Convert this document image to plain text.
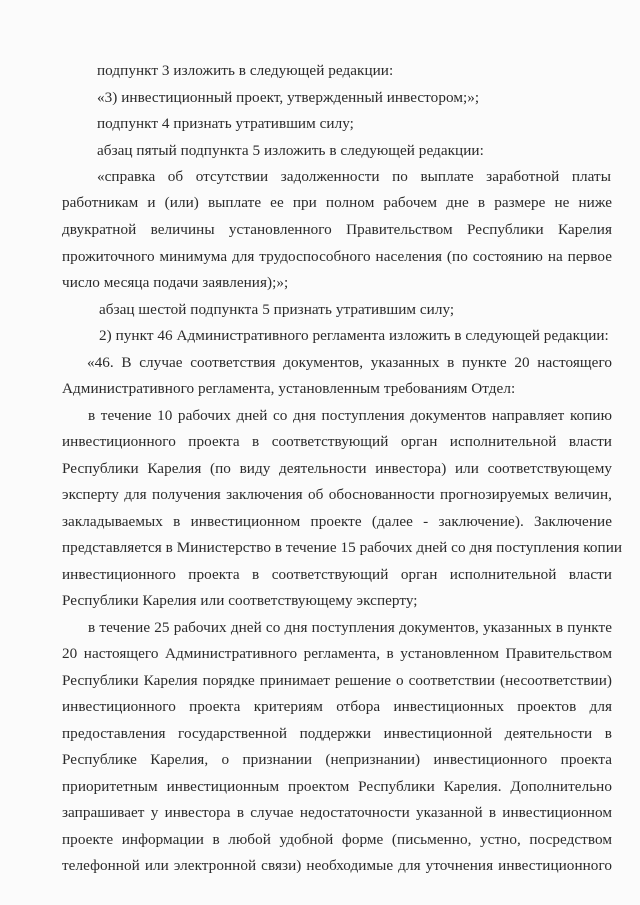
подпункт 3 изложить в следующей редакции:
«3) инвестиционный проект, утвержденный инвестором;»;
подпункт 4 признать утратившим силу;
абзац пятый подпункта 5 изложить в следующей редакции:
«справка об отсутствии задолженности по выплате заработной платы
работникам и (или) выплате ее при полном рабочем дне в размере не ниже
двукратной величины установленного Правительством Республики Карелия
прожиточного минимума для трудоспособного населения (по состоянию на первое
число месяца подачи заявления);»;
абзац шестой подпункта 5 признать утратившим силу;
2) пункт 46 Административного регламента изложить в следующей редакции:
«46. В случае соответствия документов, указанных в пункте 20 настоящего
Административного регламента, установленным требованиям Отдел:
в течение 10 рабочих дней со дня поступления документов направляет копию
инвестиционного проекта в соответствующий орган исполнительной власти
Республики Карелия (по виду деятельности инвестора) или соответствующему
эксперту для получения заключения об обоснованности прогнозируемых величин,
закладываемых в инвестиционном проекте (далее - заключение). Заключение
представляется в Министерство в течение 15 рабочих дней со дня поступления копии
инвестиционного проекта в соответствующий орган исполнительной власти
Республики Карелия или соответствующему эксперту;
в течение 25 рабочих дней со дня поступления документов, указанных в пункте
20 настоящего Административного регламента, в установленном Правительством
Республики Карелия порядке принимает решение о соответствии (несоответствии)
инвестиционного проекта критериям отбора инвестиционных проектов для
предоставления государственной поддержки инвестиционной деятельности в
Республике Карелия, о признании (непризнании) инвестиционного проекта
приоритетным инвестиционным проектом Республики Карелия. Дополнительно
запрашивает у инвестора в случае недостаточности указанной в инвестиционном
проекте информации в любой удобной форме (письменно, устно, посредством
телефонной или электронной связи) необходимые для уточнения инвестиционного
